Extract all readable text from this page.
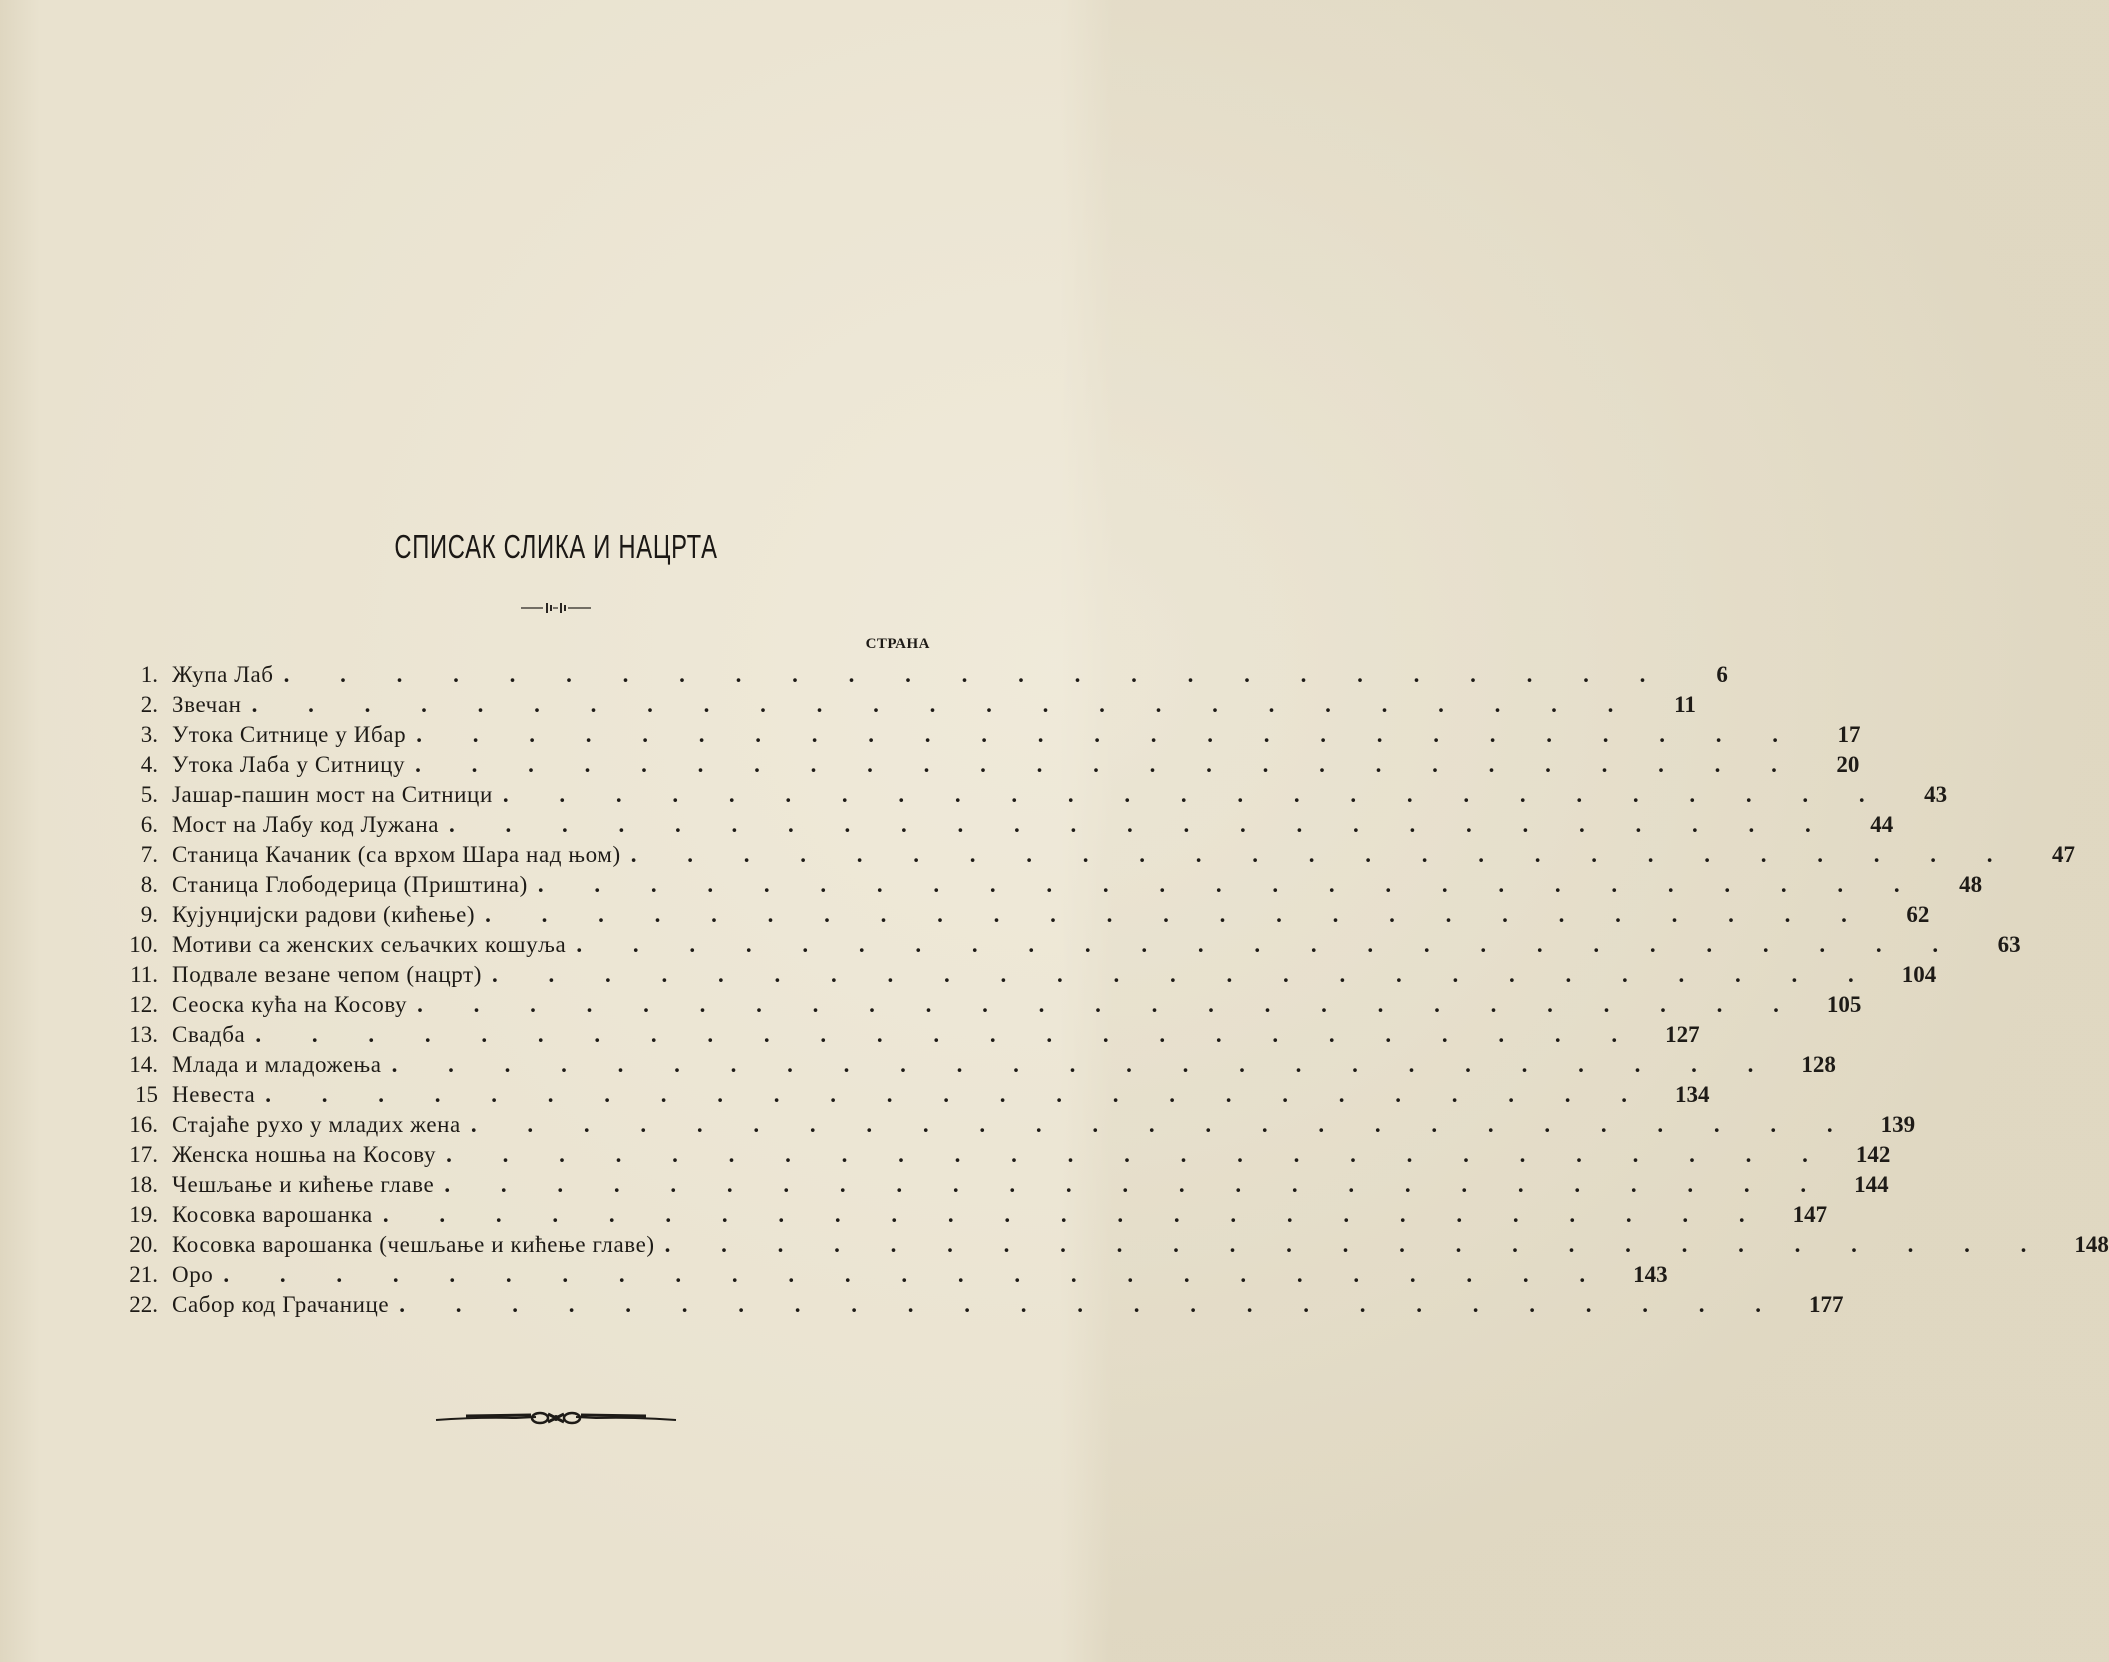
СПИСАК СЛИКА И НАЦРТА
СТРАНА
1. Жупа Лаб . . . . . . . . . . . . . . . . . . . . . . . . .	6
2. Звечан . . . . . . . . . . . . . . . . . . . . . . . . .	11
3. Утока Ситнице у Ибар . . . . . . . . . . . . . . . . . . . . . . . . .	17
4. Утока Лаба у Ситницу . . . . . . . . . . . . . . . . . . . . . . . . .	20
5. Јашар-пашин мост на Ситници . . . . . . . . . . . . . . . . . . . . . . . . .	43
6. Мост на Лабу код Лужана . . . . . . . . . . . . . . . . . . . . . . . . .	44
7. Станица Качаник (са врхом Шара над њом) . . . . . . . . . . . . . . . . . . . . . . . . .	47
8. Станица Глободерица (Приштина) . . . . . . . . . . . . . . . . . . . . . . . . .	48
9. Кујунџијски радови (кићење) . . . . . . . . . . . . . . . . . . . . . . . . .	62
10. Мотиви са женских сељачких кошуља . . . . . . . . . . . . . . . . . . . . . . . . .	63
11. Подвале везане чепом (нацрт) . . . . . . . . . . . . . . . . . . . . . . . . .	104
12. Сеоска кућа на Косову . . . . . . . . . . . . . . . . . . . . . . . . .	105
13. Свадба . . . . . . . . . . . . . . . . . . . . . . . . .	127
14. Млада и младожења . . . . . . . . . . . . . . . . . . . . . . . . .	128
15 Невеста . . . . . . . . . . . . . . . . . . . . . . . . .	134
16. Стајаће рухо у младих жена . . . . . . . . . . . . . . . . . . . . . . . . .	139
17. Женска ношња на Косову . . . . . . . . . . . . . . . . . . . . . . . . .	142
18. Чешљање и кићење главе . . . . . . . . . . . . . . . . . . . . . . . . .	144
19. Косовка варошанка . . . . . . . . . . . . . . . . . . . . . . . . .	147
20. Косовка варошанка (чешљање и кићење главе) . . . . . . . . . . . . . . . . . . . . . . . . .	148
21. Оро . . . . . . . . . . . . . . . . . . . . . . . . .	143
22. Сабор код Грачанице . . . . . . . . . . . . . . . . . . . . . . . . .	177
